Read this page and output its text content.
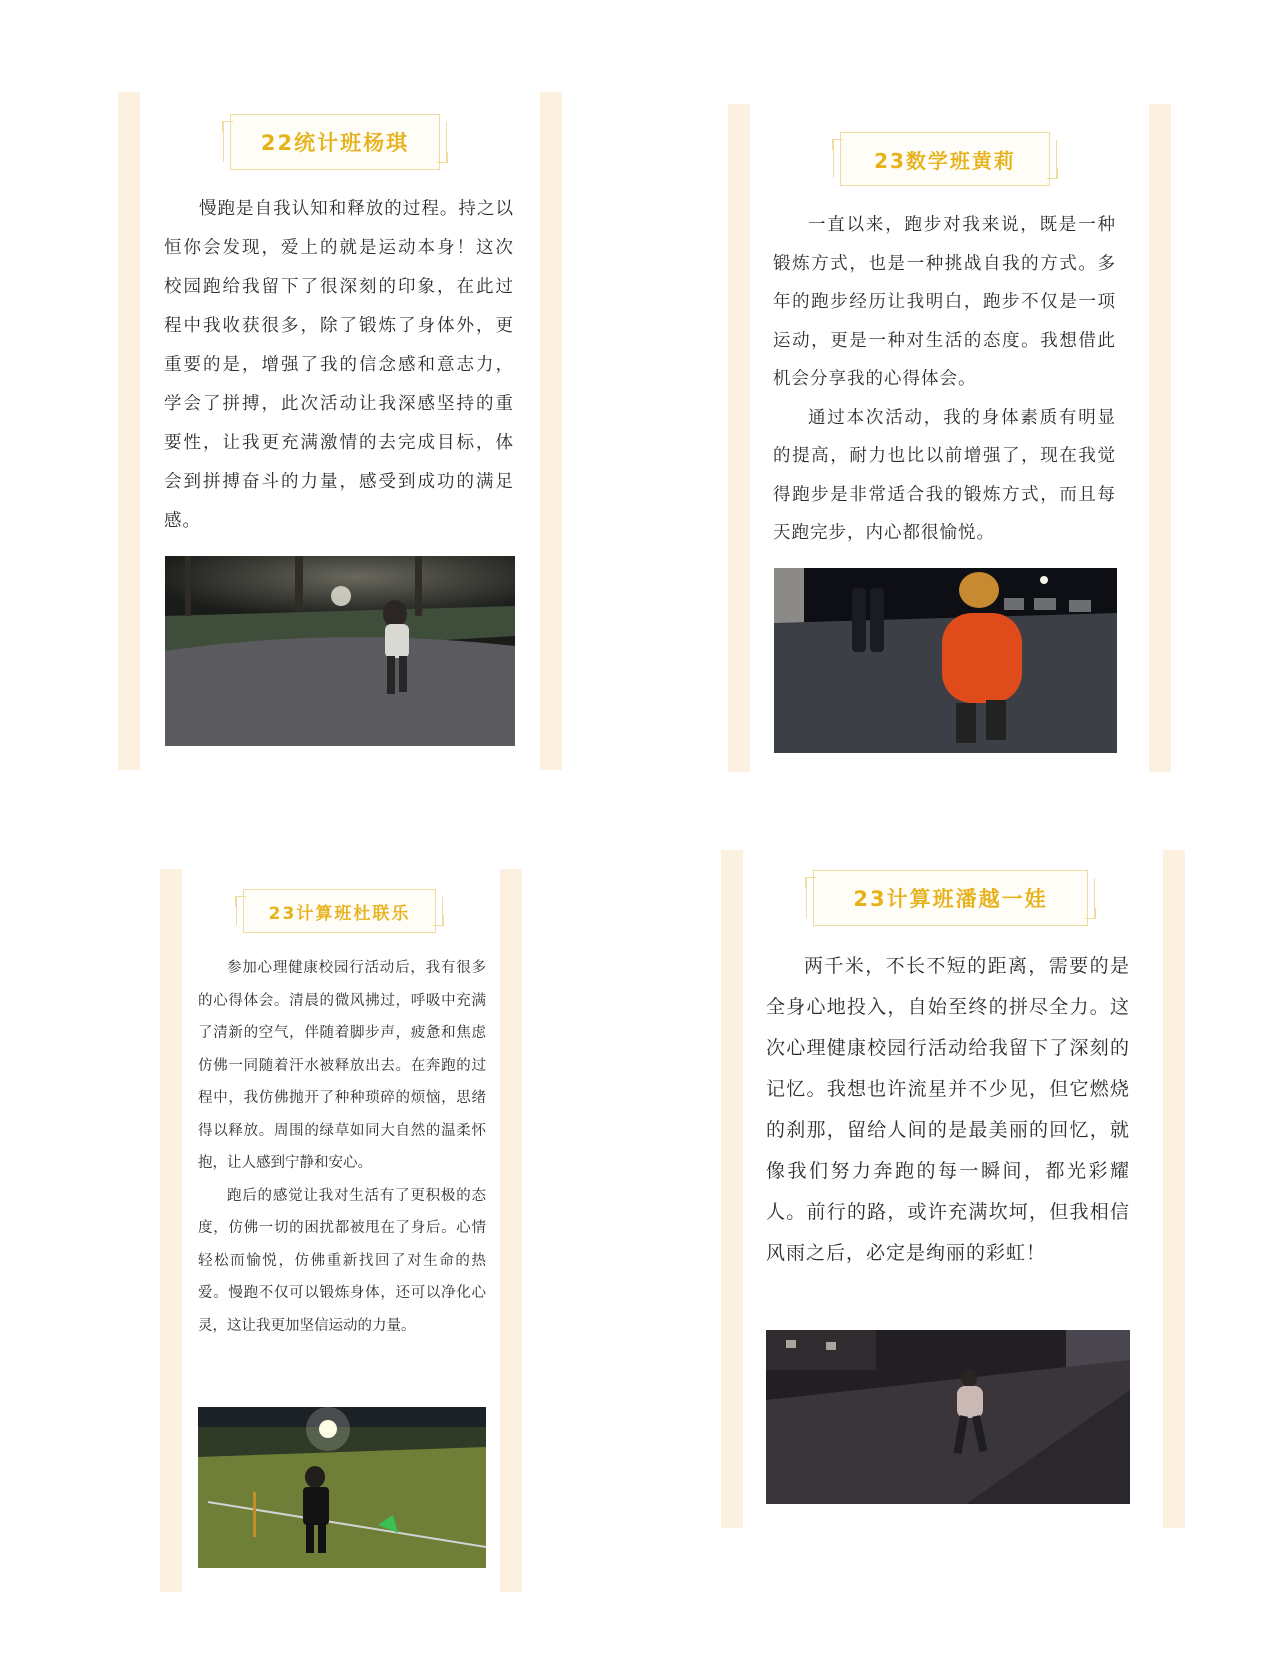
22统计班杨琪

慢跑是自我认知和释放的过程。持之以恒你会发现，爱上的就是运动本身！这次校园跑给我留下了很深刻的印象，在此过程中我收获很多，除了锻炼了身体外，更重要的是，增强了我的信念感和意志力，学会了拼搏，此次活动让我深感坚持的重要性，让我更充满激情的去完成目标，体会到拼搏奋斗的力量，感受到成功的满足感。

23数学班黄莉

一直以来，跑步对我来说，既是一种锻炼方式，也是一种挑战自我的方式。多年的跑步经历让我明白，跑步不仅是一项运动，更是一种对生活的态度。我想借此机会分享我的心得体会。

通过本次活动，我的身体素质有明显的提高，耐力也比以前增强了，现在我觉得跑步是非常适合我的锻炼方式，而且每天跑完步，内心都很愉悦。

23计算班杜联乐

参加心理健康校园行活动后，我有很多的心得体会。清晨的微风拂过，呼吸中充满了清新的空气，伴随着脚步声，疲惫和焦虑仿佛一同随着汗水被释放出去。在奔跑的过程中，我仿佛抛开了种种琐碎的烦恼，思绪得以释放。周围的绿草如同大自然的温柔怀抱，让人感到宁静和安心。

跑后的感觉让我对生活有了更积极的态度，仿佛一切的困扰都被甩在了身后。心情轻松而愉悦，仿佛重新找回了对生命的热爱。慢跑不仅可以锻炼身体，还可以净化心灵，这让我更加坚信运动的力量。

23计算班潘越一娃

两千米，不长不短的距离，需要的是全身心地投入，自始至终的拼尽全力。这次心理健康校园行活动给我留下了深刻的记忆。我想也许流星并不少见，但它燃烧的刹那，留给人间的是最美丽的回忆，就像我们努力奔跑的每一瞬间，都光彩耀人。前行的路，或许充满坎坷，但我相信风雨之后，必定是绚丽的彩虹！
